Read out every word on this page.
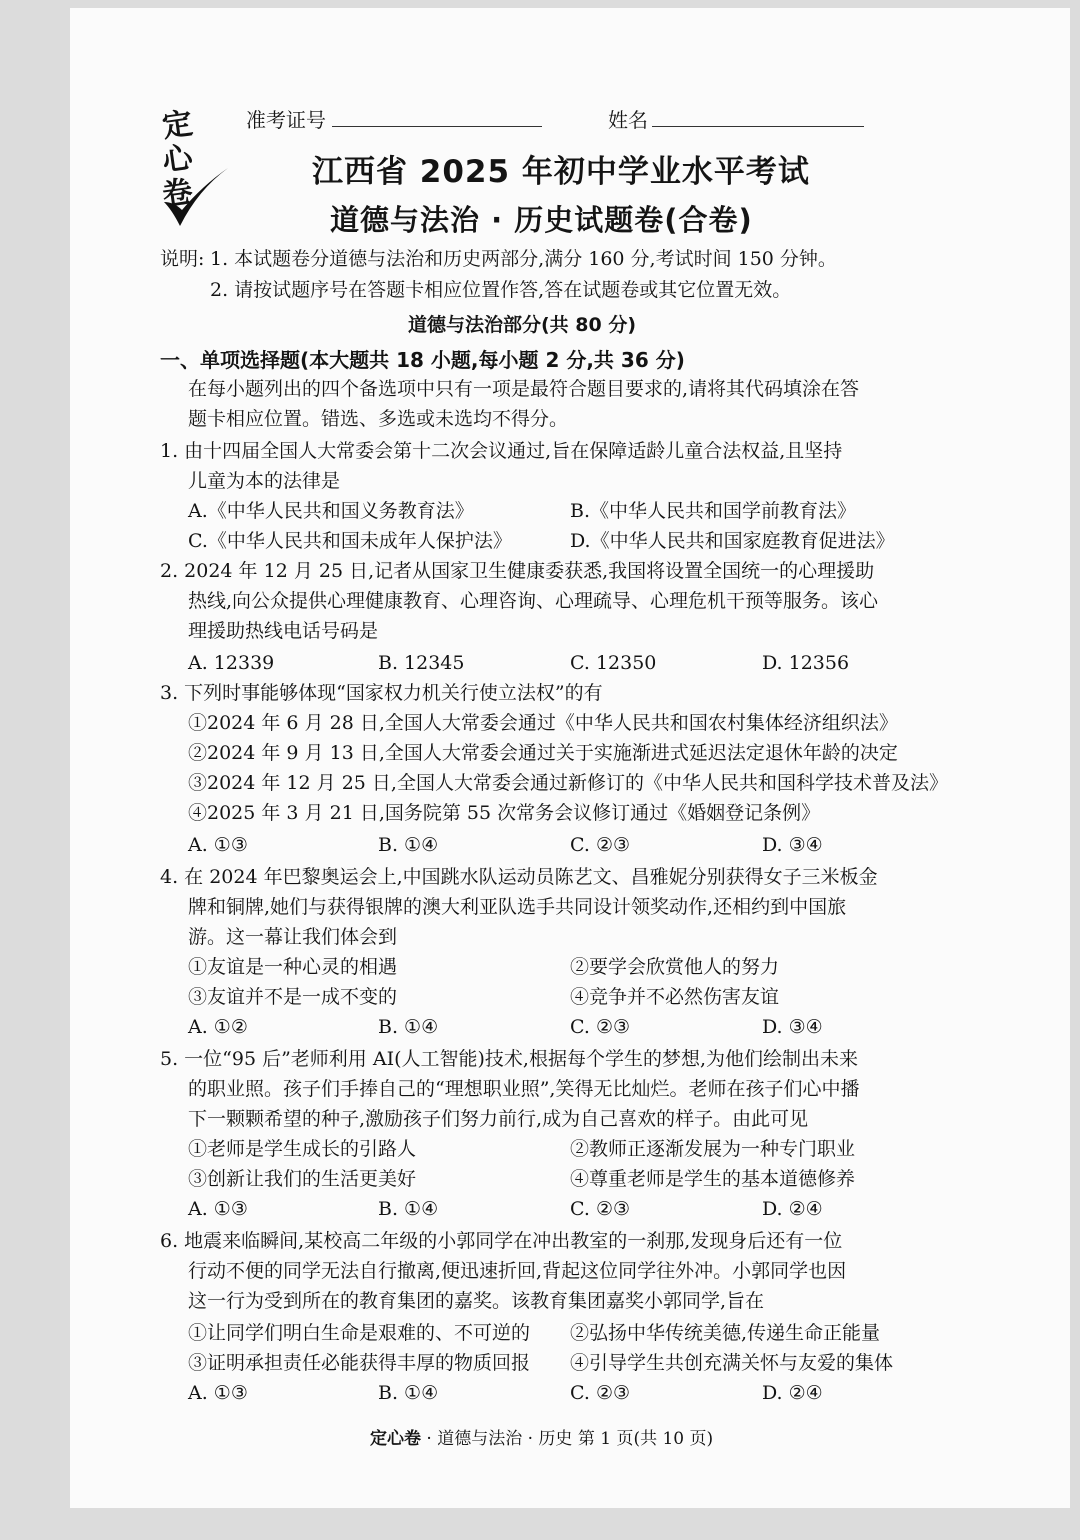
定
心
卷
准考证号	姓名
江西省 2025 年初中学业水平考试
道德与法治 · 历史试题卷(合卷)
说明: 1. 本试题卷分道德与法治和历史两部分,满分 160 分,考试时间 150 分钟。
2. 请按试题序号在答题卡相应位置作答,答在试题卷或其它位置无效。
道德与法治部分(共 80 分)
一、单项选择题(本大题共 18 小题,每小题 2 分,共 36 分)
在每小题列出的四个备选项中只有一项是最符合题目要求的,请将其代码填涂在答
题卡相应位置。错选、多选或未选均不得分。
1. 由十四届全国人大常委会第十二次会议通过,旨在保障适龄儿童合法权益,且坚持
儿童为本的法律是
A.《中华人民共和国义务教育法》	B.《中华人民共和国学前教育法》
C.《中华人民共和国未成年人保护法》	D.《中华人民共和国家庭教育促进法》
2. 2024 年 12 月 25 日,记者从国家卫生健康委获悉,我国将设置全国统一的心理援助
热线,向公众提供心理健康教育、心理咨询、心理疏导、心理危机干预等服务。该心
理援助热线电话号码是
A. 12339	B. 12345	C. 12350	D. 12356
3. 下列时事能够体现“国家权力机关行使立法权”的有
①2024 年 6 月 28 日,全国人大常委会通过《中华人民共和国农村集体经济组织法》
②2024 年 9 月 13 日,全国人大常委会通过关于实施渐进式延迟法定退休年龄的决定
③2024 年 12 月 25 日,全国人大常委会通过新修订的《中华人民共和国科学技术普及法》
④2025 年 3 月 21 日,国务院第 55 次常务会议修订通过《婚姻登记条例》
A. ①③	B. ①④	C. ②③	D. ③④
4. 在 2024 年巴黎奥运会上,中国跳水队运动员陈艺文、昌雅妮分别获得女子三米板金
牌和铜牌,她们与获得银牌的澳大利亚队选手共同设计领奖动作,还相约到中国旅
游。这一幕让我们体会到
①友谊是一种心灵的相遇	②要学会欣赏他人的努力
③友谊并不是一成不变的	④竞争并不必然伤害友谊
A. ①②	B. ①④	C. ②③	D. ③④
5. 一位“95 后”老师利用 AI(人工智能)技术,根据每个学生的梦想,为他们绘制出未来
的职业照。孩子们手捧自己的“理想职业照”,笑得无比灿烂。老师在孩子们心中播
下一颗颗希望的种子,激励孩子们努力前行,成为自己喜欢的样子。由此可见
①老师是学生成长的引路人	②教师正逐渐发展为一种专门职业
③创新让我们的生活更美好	④尊重老师是学生的基本道德修养
A. ①③	B. ①④	C. ②③	D. ②④
6. 地震来临瞬间,某校高二年级的小郭同学在冲出教室的一刹那,发现身后还有一位
行动不便的同学无法自行撤离,便迅速折回,背起这位同学往外冲。小郭同学也因
这一行为受到所在的教育集团的嘉奖。该教育集团嘉奖小郭同学,旨在
①让同学们明白生命是艰难的、不可逆的 ②弘扬中华传统美德,传递生命正能量
③证明承担责任必能获得丰厚的物质回报 ④引导学生共创充满关怀与友爱的集体
A. ①③	B. ①④	C. ②③	D. ②④
定心卷 · 道德与法治 · 历史 第 1 页(共 10 页)
